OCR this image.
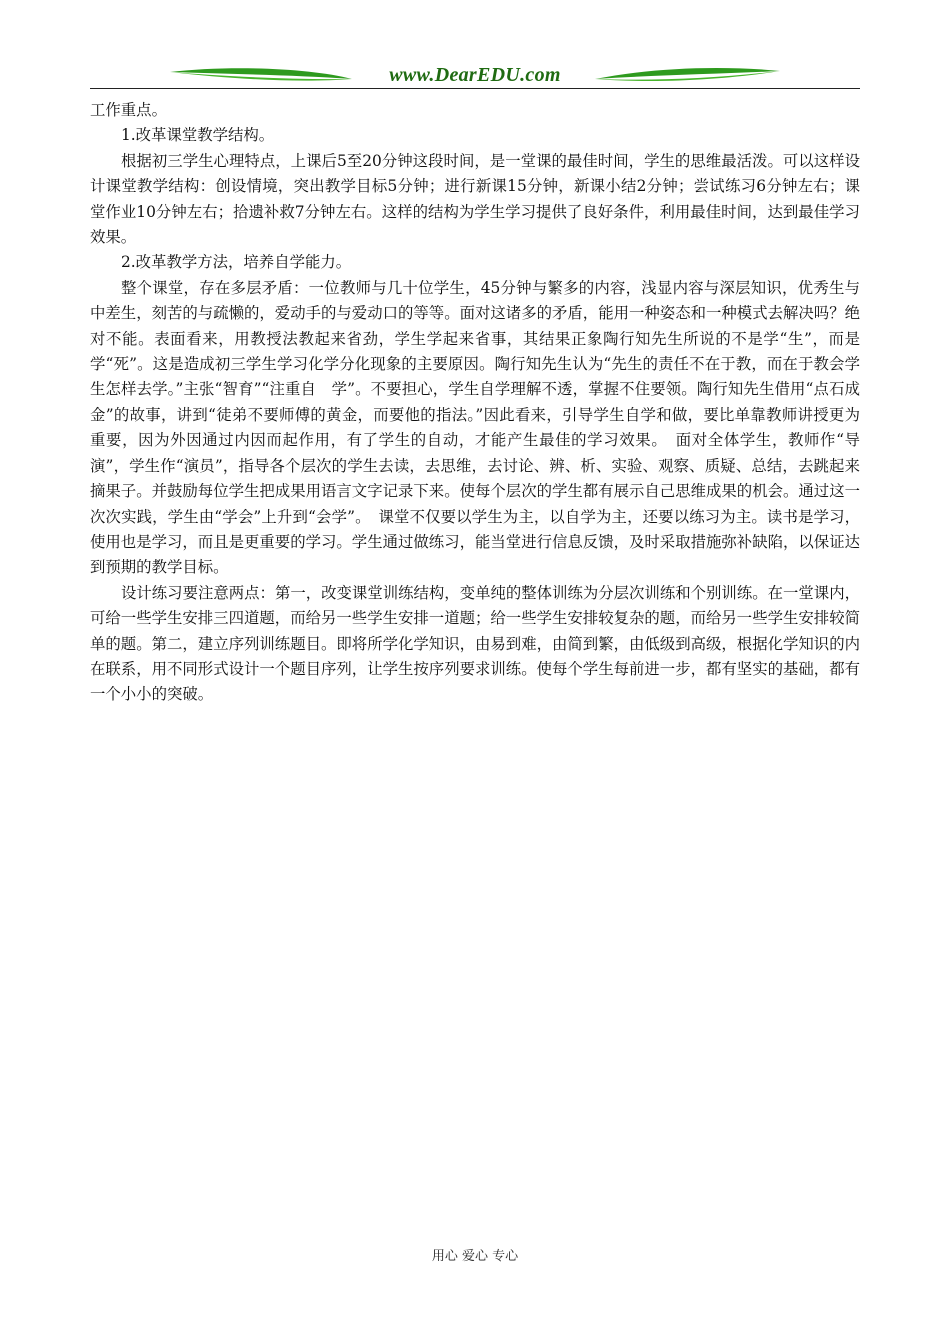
www.DearEDU.com

工作重点。

1.改革课堂教学结构。

根据初三学生心理特点，上课后5至20分钟这段时间，是一堂课的最佳时间，学生的思维最活泼。可以这样设计课堂教学结构：创设情境，突出教学目标5分钟；进行新课15分钟，新课小结2分钟；尝试练习6分钟左右；课堂作业10分钟左右；拾遗补救7分钟左右。这样的结构为学生学习提供了良好条件，利用最佳时间，达到最佳学习效果。

2.改革教学方法，培养自学能力。

整个课堂，存在多层矛盾：一位教师与几十位学生，45分钟与繁多的内容，浅显内容与深层知识，优秀生与中差生，刻苦的与疏懒的，爱动手的与爱动口的等等。面对这诸多的矛盾，能用一种姿态和一种模式去解决吗？绝对不能。表面看来，用教授法教起来省劲，学生学起来省事，其结果正象陶行知先生所说的不是学“生”，而是学“死”。这是造成初三学生学习化学分化现象的主要原因。陶行知先生认为“先生的责任不在于教，而在于教会学生怎样去学。”主张“智育”“注重自　学”。不要担心，学生自学理解不透，掌握不住要领。陶行知先生借用“点石成金”的故事，讲到“徒弟不要师傅的黄金，而要他的指法。”因此看来，引导学生自学和做，要比单靠教师讲授更为重要，因为外因通过内因而起作用，有了学生的自动，才能产生最佳的学习效果。　面对全体学生，教师作“导演”，学生作“演员”，指导各个层次的学生去读，去思维，去讨论、辨、析、实验、观察、质疑、总结，去跳起来摘果子。并鼓励每位学生把成果用语言文字记录下来。使每个层次的学生都有展示自己思维成果的机会。通过这一次次实践，学生由“学会”上升到“会学”。　课堂不仅要以学生为主，以自学为主，还要以练习为主。读书是学习，使用也是学习，而且是更重要的学习。学生通过做练习，能当堂进行信息反馈，及时采取措施弥补缺陷，以保证达到预期的教学目标。

设计练习要注意两点：第一，改变课堂训练结构，变单纯的整体训练为分层次训练和个别训练。在一堂课内，可给一些学生安排三四道题，而给另一些学生安排一道题；给一些学生安排较复杂的题，而给另一些学生安排较简单的题。第二，建立序列训练题目。即将所学化学知识，由易到难，由简到繁，由低级到高级，根据化学知识的内在联系，用不同形式设计一个题目序列，让学生按序列要求训练。使每个学生每前进一步，都有坚实的基础，都有一个小小的突破。

用心 爱心 专心
